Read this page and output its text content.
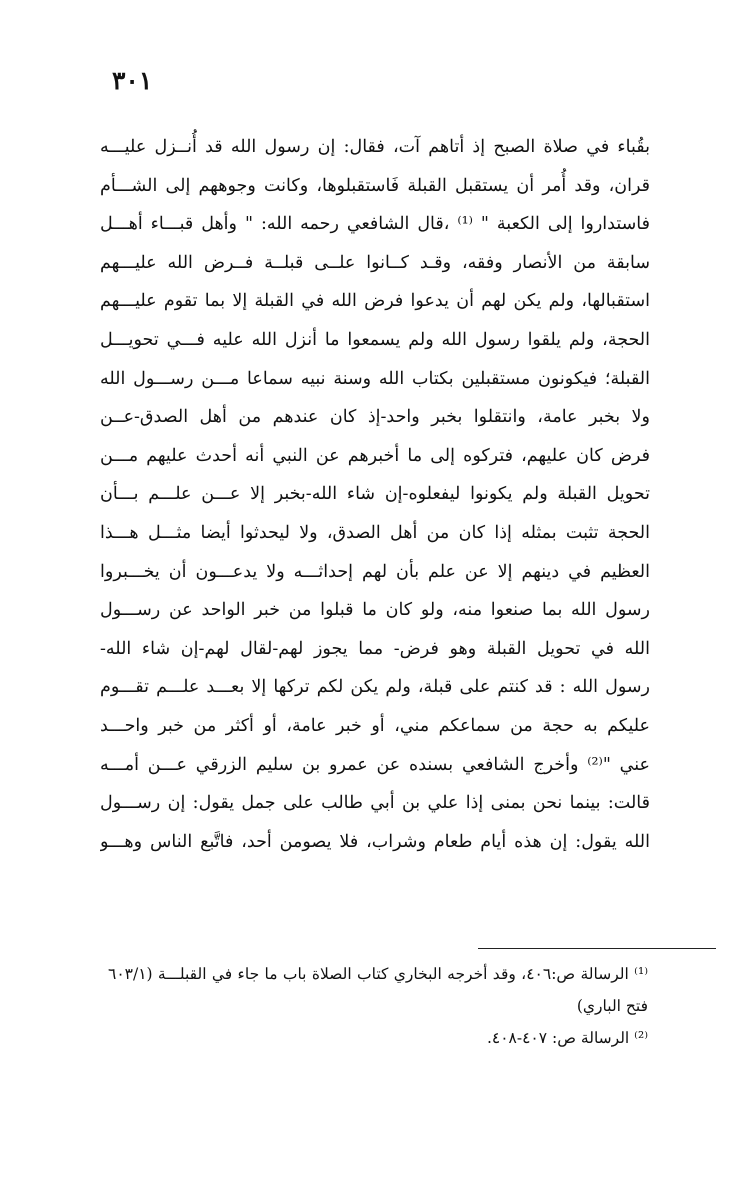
٣٠١
بقُباء في صلاة الصبح إذ أتاهم آت، فقال: إن رسول الله قد أُنــزل عليـــه
قران، وقد أُمر أن يستقبل القبلة فَاستقبلوها، وكانت وجوههم إلى الشـــأم
فاستداروا إلى الكعبة " ⁽¹⁾ ،قال الشافعي رحمه الله: " وأهل قبـــاء أهـــل
سابقة من الأنصار وفقه، وقـد كــانوا علــى قبلــة فــرض الله عليـــهم
استقبالها، ولم يكن لهم أن يدعوا فرض الله في القبلة إلا بما تقوم عليـــهم
الحجة، ولم يلقوا رسول الله ولم يسمعوا ما أنزل الله عليه فـــي تحويـــل
القبلة؛ فيكونون مستقبلين بكتاب الله وسنة نبيه سماعا مـــن رســـول الله
ولا بخبر عامة، وانتقلوا بخبر واحد-إذ كان عندهم من أهل الصدق-عــن
فرض كان عليهم، فتركوه إلى ما أخبرهم عن النبي أنه أحدث عليهم مـــن
تحويل القبلة ولم يكونوا ليفعلوه-إن شاء الله-بخبر إلا عـــن علـــم بـــأن
الحجة تثبت بمثله إذا كان من أهل الصدق، ولا ليحدثوا أيضا مثـــل هـــذا
العظيم في دينهم إلا عن علم بأن لهم إحداثـــه ولا يدعـــون أن يخـــبروا
رسول الله بما صنعوا منه، ولو كان ما قبلوا من خبر الواحد عن رســـول
الله في تحويل القبلة وهو فرض- مما يجوز لهم-لقال لهم-إن شاء الله-
رسول الله : قد كنتم على قبلة، ولم يكن لكم تركها إلا بعـــد علـــم تقـــوم
عليكم به حجة من سماعكم مني، أو خبر عامة، أو أكثر من خبر واحـــد
عني "⁽²⁾ وأخرج الشافعي بسنده عن عمرو بن سليم الزرقي عـــن أمـــه
قالت: بينما نحن بمنى إذا علي بن أبي طالب على جمل يقول: إن رســـول
الله يقول: إن هذه أيام طعام وشراب، فلا يصومن أحد، فاتَّبع الناس وهـــو
⁽¹⁾ الرسالة ص:٤٠٦، وقد أخرجه البخاري كتاب الصلاة باب ما جاء في القبلـــة (٦٠٣/١
فتح الباري)
⁽²⁾ الرسالة ص: ٤٠٧-٤٠٨.
